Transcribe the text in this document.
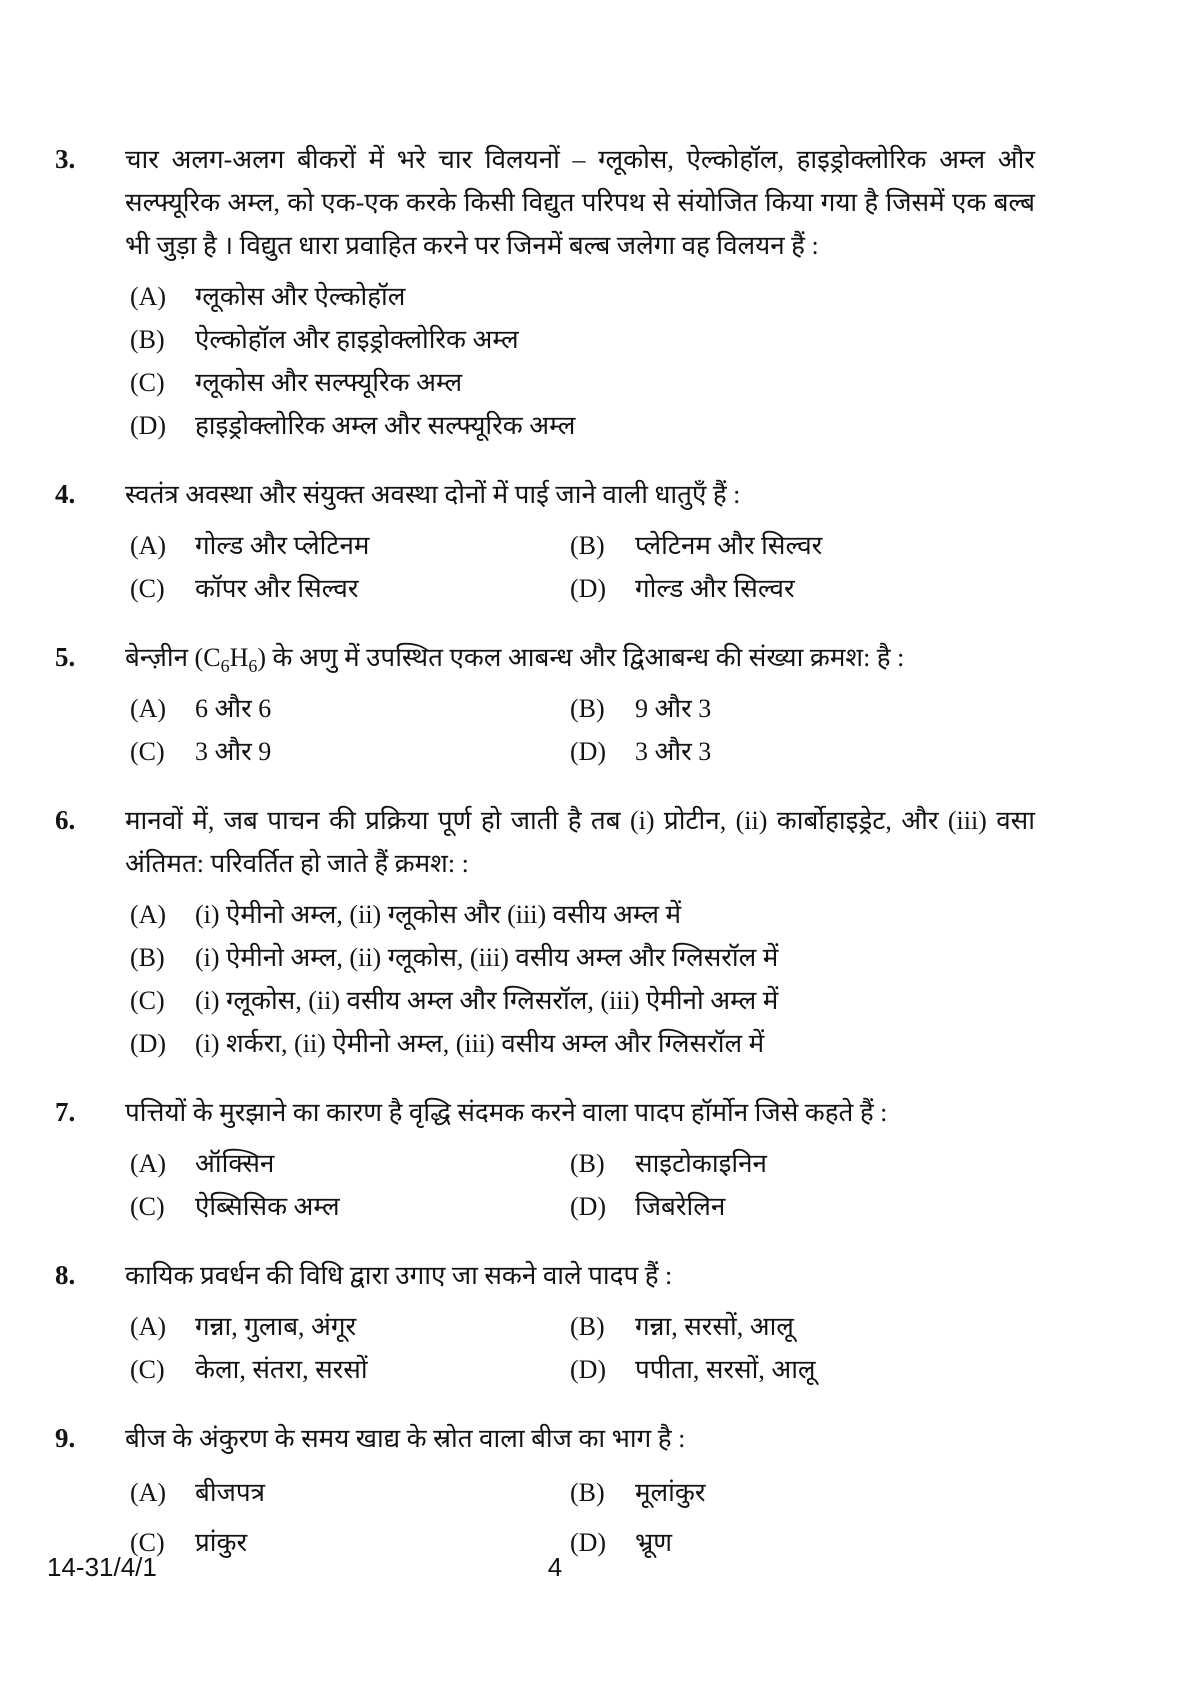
3.	चार अलग-अलग बीकरों में भरे चार विलयनों – ग्लूकोस, ऐल्कोहॉल, हाइड्रोक्लोरिक अम्ल और सल्फ्यूरिक अम्ल, को एक-एक करके किसी विद्युत परिपथ से संयोजित किया गया है जिसमें एक बल्ब भी जुड़ा है । विद्युत धारा प्रवाहित करने पर जिनमें बल्ब जलेगा वह विलयन हैं :

(A) ग्लूकोस और ऐल्कोहॉल
(B) ऐल्कोहॉल और हाइड्रोक्लोरिक अम्ल
(C) ग्लूकोस और सल्फ्यूरिक अम्ल
(D) हाइड्रोक्लोरिक अम्ल और सल्फ्यूरिक अम्ल
4.	स्वतंत्र अवस्था और संयुक्त अवस्था दोनों में पाई जाने वाली धातुएँ हैं :

(A) गोल्ड और प्लेटिनम	(B) प्लेटिनम और सिल्वर
(C) कॉपर और सिल्वर	(D) गोल्ड और सिल्वर
5.	बेन्ज़ीन $(C_6H_6)$ के अणु में उपस्थित एकल आबन्ध और द्विआबन्ध की संख्या क्रमश: है :

(A) 6 और 6	(B) 9 और 3
(C) 3 और 9	(D) 3 और 3
6.	मानवों में, जब पाचन की प्रक्रिया पूर्ण हो जाती है तब (i) प्रोटीन, (ii) कार्बोहाइड्रेट, और (iii) वसा अंतिमत: परिवर्तित हो जाते हैं क्रमश: :

(A) (i) ऐमीनो अम्ल, (ii) ग्लूकोस और (iii) वसीय अम्ल में
(B) (i) ऐमीनो अम्ल, (ii) ग्लूकोस, (iii) वसीय अम्ल और ग्लिसरॉल में
(C) (i) ग्लूकोस, (ii) वसीय अम्ल और ग्लिसरॉल, (iii) ऐमीनो अम्ल में
(D) (i) शर्करा, (ii) ऐमीनो अम्ल, (iii) वसीय अम्ल और ग्लिसरॉल में
7.	पत्तियों के मुरझाने का कारण है वृद्धि संदमक करने वाला पादप हॉर्मोन जिसे कहते हैं :

(A) ऑक्सिन	(B) साइटोकाइनिन
(C) ऐब्सिसिक अम्ल	(D) जिबरेलिन
8.	कायिक प्रवर्धन की विधि द्वारा उगाए जा सकने वाले पादप हैं :

(A) गन्ना, गुलाब, अंगूर	(B) गन्ना, सरसों, आलू
(C) केला, संतरा, सरसों	(D) पपीता, सरसों, आलू
9.	बीज के अंकुरण के समय खाद्य के स्रोत वाला बीज का भाग है :

(A) बीजपत्र	(B) मूलांकुर
(C) प्रांकुर	(D) भ्रूण
14-31/4/1	4
